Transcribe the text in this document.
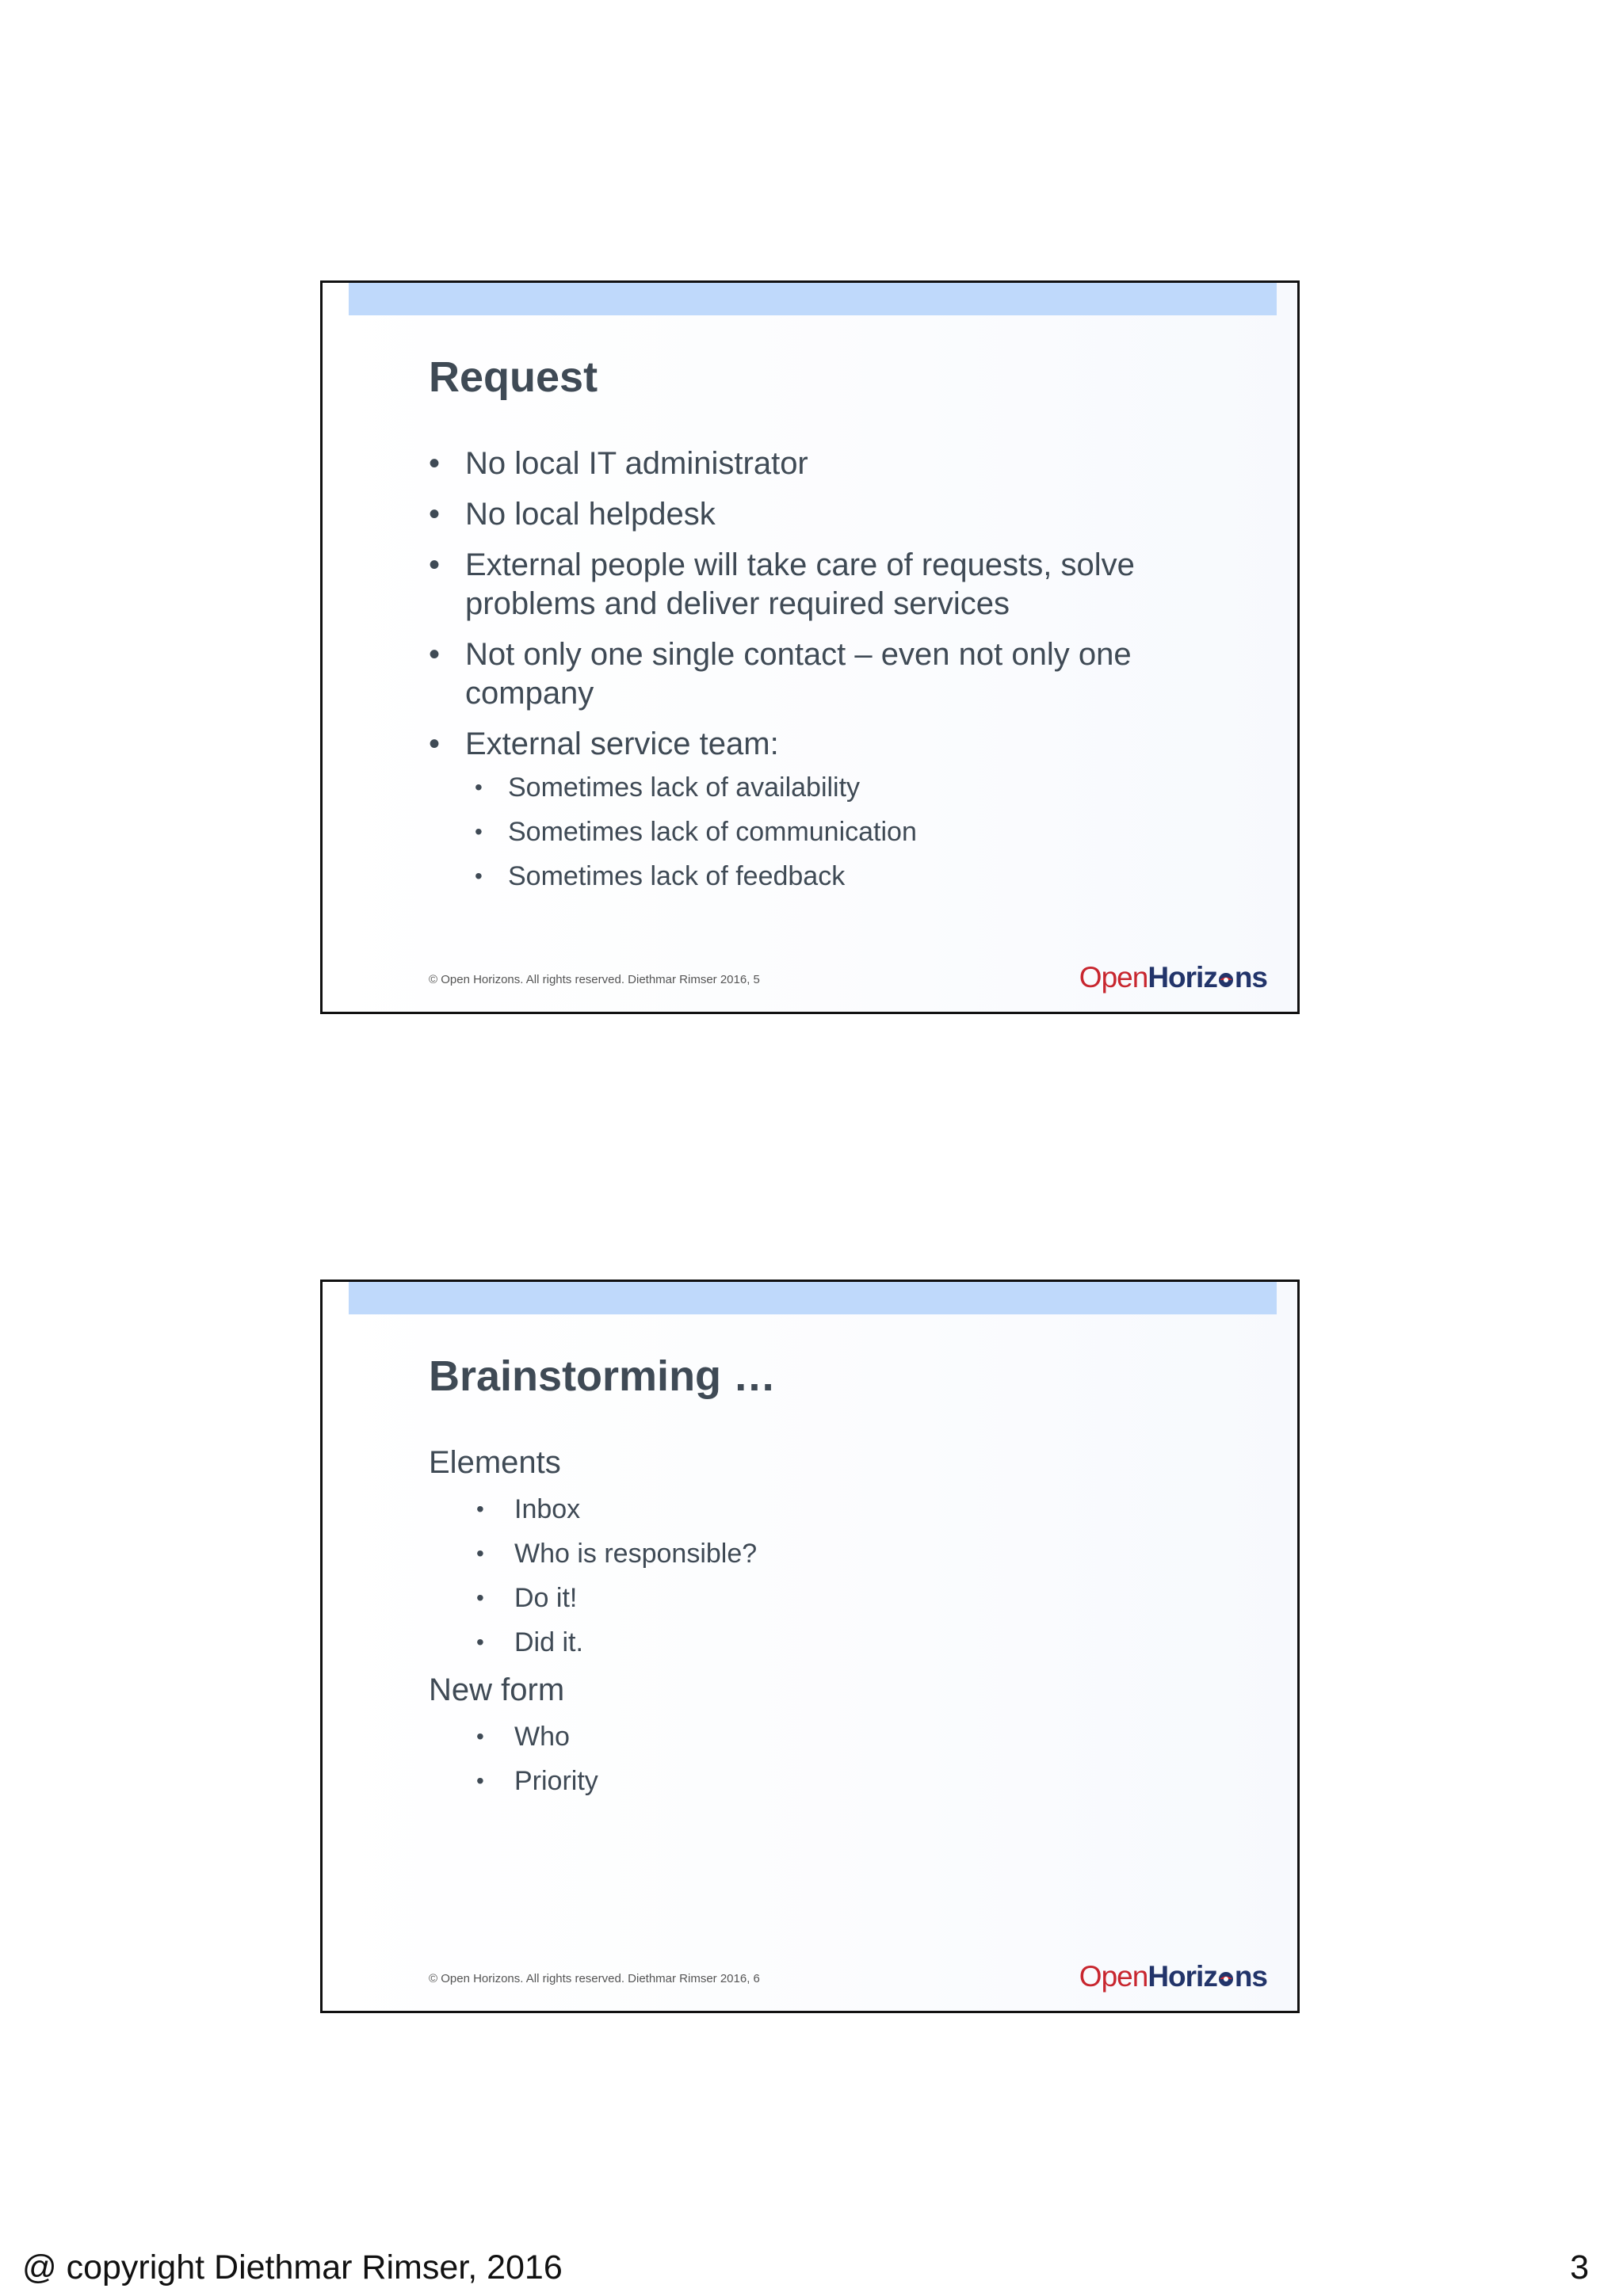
Request
• No local IT administrator
• No local helpdesk
• External people will take care of requests, solve problems and deliver required services
• Not only one single contact – even not only one company
• External service team:
• Sometimes lack of availability
• Sometimes lack of communication
• Sometimes lack of feedback
© Open Horizons. All rights reserved. Diethmar Rimser 2016, 5	OpenHoriz ns
Brainstorming …
Elements
• Inbox
• Who is responsible?
• Do it!
• Did it.
New form
• Who
• Priority
© Open Horizons. All rights reserved. Diethmar Rimser 2016, 6	OpenHoriz ns
@ copyright Diethmar Rimser, 2016	3
